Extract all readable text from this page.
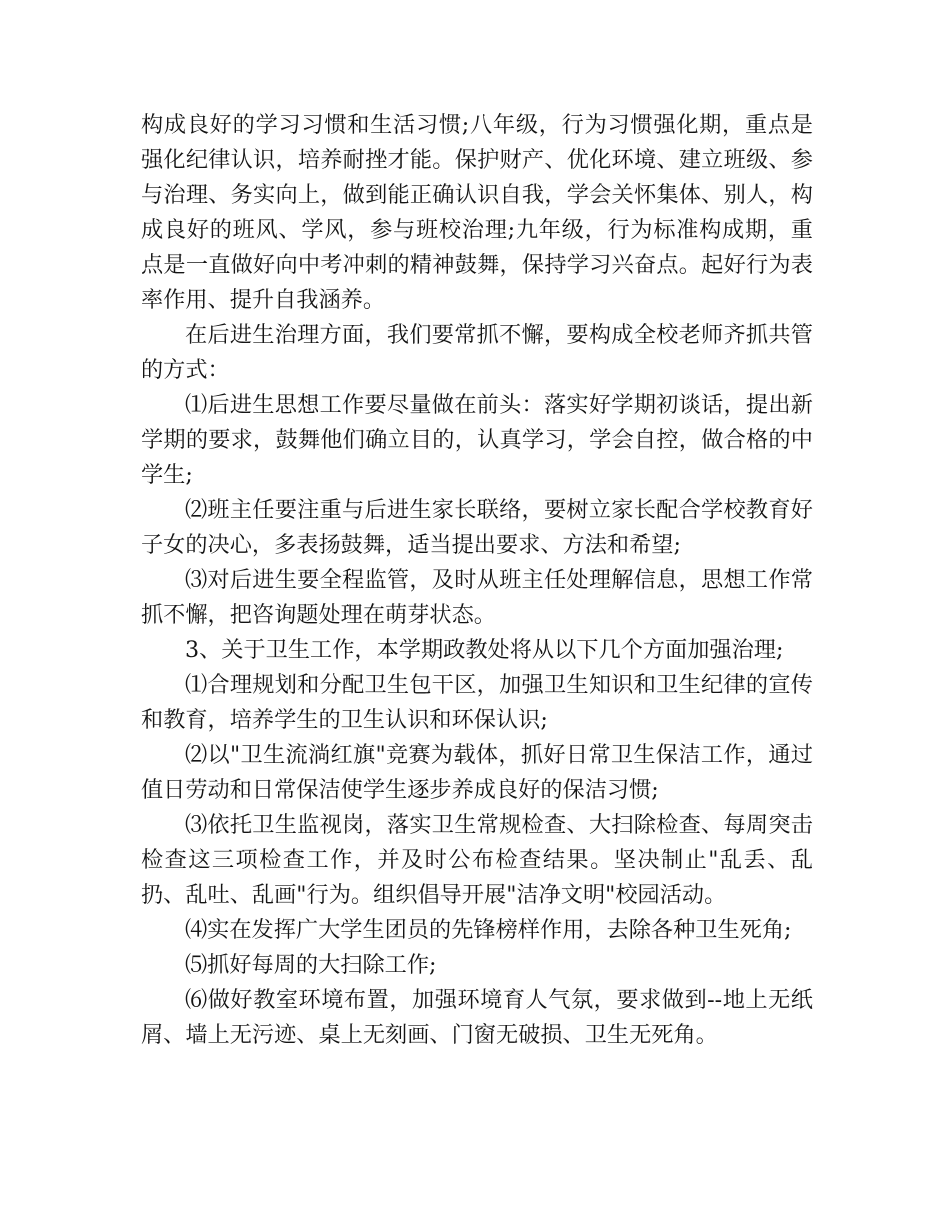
构成良好的学习习惯和生活习惯;八年级，行为习惯强化期，重点是强化纪律认识，培养耐挫才能。保护财产、优化环境、建立班级、参与治理、务实向上，做到能正确认识自我，学会关怀集体、别人，构成良好的班风、学风，参与班校治理;九年级，行为标准构成期，重点是一直做好向中考冲刺的精神鼓舞，保持学习兴奋点。起好行为表率作用、提升自我涵养。

在后进生治理方面，我们要常抓不懈，要构成全校老师齐抓共管的方式：

⑴后进生思想工作要尽量做在前头：落实好学期初谈话，提出新学期的要求，鼓舞他们确立目的，认真学习，学会自控，做合格的中学生;

⑵班主任要注重与后进生家长联络，要树立家长配合学校教育好子女的决心，多表扬鼓舞，适当提出要求、方法和希望;

⑶对后进生要全程监管，及时从班主任处理解信息，思想工作常抓不懈，把咨询题处理在萌芽状态。

3、关于卫生工作，本学期政教处将从以下几个方面加强治理;

⑴合理规划和分配卫生包干区，加强卫生知识和卫生纪律的宣传和教育，培养学生的卫生认识和环保认识;

⑵以"卫生流淌红旗"竞赛为载体，抓好日常卫生保洁工作，通过值日劳动和日常保洁使学生逐步养成良好的保洁习惯;

⑶依托卫生监视岗，落实卫生常规检查、大扫除检查、每周突击检查这三项检查工作，并及时公布检查结果。坚决制止"乱丢、乱扔、乱吐、乱画"行为。组织倡导开展"洁净文明"校园活动。

⑷实在发挥广大学生团员的先锋榜样作用，去除各种卫生死角;

⑸抓好每周的大扫除工作;

⑹做好教室环境布置，加强环境育人气氛，要求做到--地上无纸屑、墙上无污迹、桌上无刻画、门窗无破损、卫生无死角。
